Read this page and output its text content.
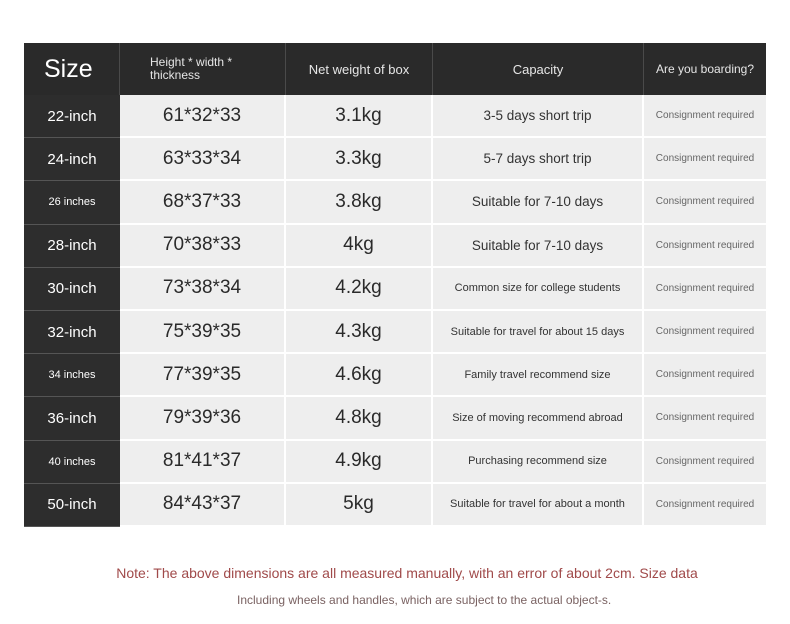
Size	Height * width * thickness	Net weight of box	Capacity	Are you boarding?
22-inch	61*32*33	3.1kg	3-5 days short trip	Consignment required
24-inch	63*33*34	3.3kg	5-7 days short trip	Consignment required
26 inches	68*37*33	3.8kg	Suitable for 7-10 days	Consignment required
28-inch	70*38*33	4kg	Suitable for 7-10 days	Consignment required
30-inch	73*38*34	4.2kg	Common size for college students	Consignment required
32-inch	75*39*35	4.3kg	Suitable for travel for about 15 days	Consignment required
34 inches	77*39*35	4.6kg	Family travel recommend size	Consignment required
36-inch	79*39*36	4.8kg	Size of moving recommend abroad	Consignment required
40 inches	81*41*37	4.9kg	Purchasing recommend size	Consignment required
50-inch	84*43*37	5kg	Suitable for travel for about a month	Consignment required
Note: The above dimensions are all measured manually, with an error of about 2cm. Size data
Including wheels and handles, which are subject to the actual object-s.
